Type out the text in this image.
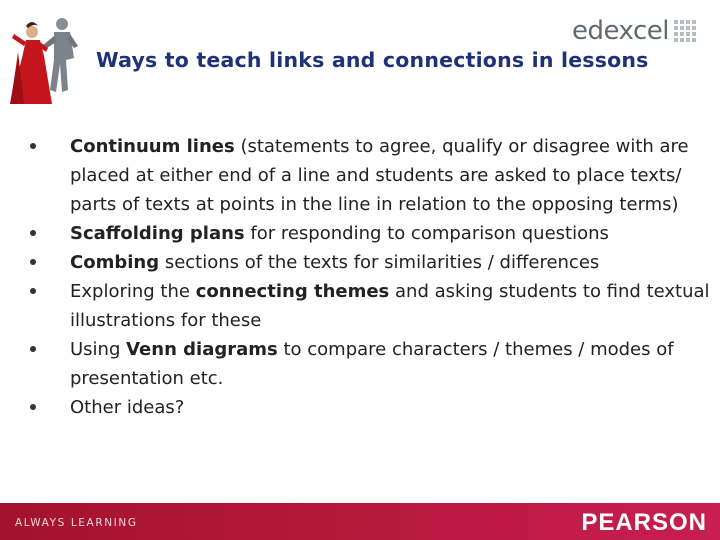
edexcel
Ways to teach links and connections in lessons
Continuum lines (statements to agree, qualify or disagree with are placed at either end of a line and students are asked to place texts/ parts of texts at points in the line in relation to the opposing terms)
Scaffolding plans for responding to comparison questions
Combing sections of the texts for similarities / differences
Exploring the connecting themes and asking students to find textual illustrations for these
Using Venn diagrams to compare characters / themes / modes of presentation etc.
Other ideas?
ALWAYS LEARNING	PEARSON
